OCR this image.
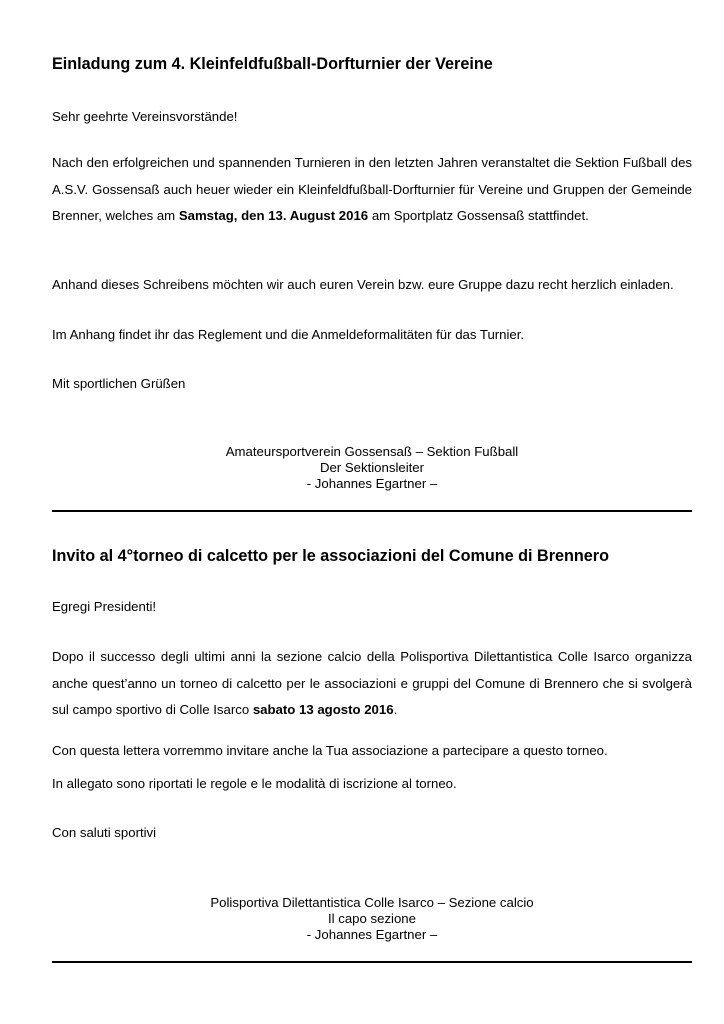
Einladung zum 4. Kleinfeldfußball-Dorfturnier der Vereine

Sehr geehrte Vereinsvorstände!

Nach den erfolgreichen und spannenden Turnieren in den letzten Jahren veranstaltet die Sektion Fußball des A.S.V. Gossensaß auch heuer wieder ein Kleinfeldfußball-Dorfturnier für Vereine und Gruppen der Gemeinde Brenner, welches am Samstag, den 13. August 2016 am Sportplatz Gossensaß stattfindet.

Anhand dieses Schreibens möchten wir auch euren Verein bzw. eure Gruppe dazu recht herzlich einladen.

Im Anhang findet ihr das Reglement und die Anmeldeformalitäten für das Turnier.

Mit sportlichen Grüßen

Amateursportverein Gossensaß – Sektion Fußball
Der Sektionsleiter
- Johannes Egartner –
Invito al 4°torneo di calcetto per le associazioni del Comune di Brennero

Egregi Presidenti!

Dopo il successo degli ultimi anni la sezione calcio della Polisportiva Dilettantistica Colle Isarco organizza anche quest’anno un torneo di calcetto per le associazioni e gruppi del Comune di Brennero che si svolgerà sul campo sportivo di Colle Isarco sabato 13 agosto 2016.

Con questa lettera vorremmo invitare anche la Tua associazione a partecipare a questo torneo.

In allegato sono riportati le regole e le modalità di iscrizione al torneo.

Con saluti sportivi

Polisportiva Dilettantistica Colle Isarco – Sezione calcio
Il capo sezione
- Johannes Egartner –
